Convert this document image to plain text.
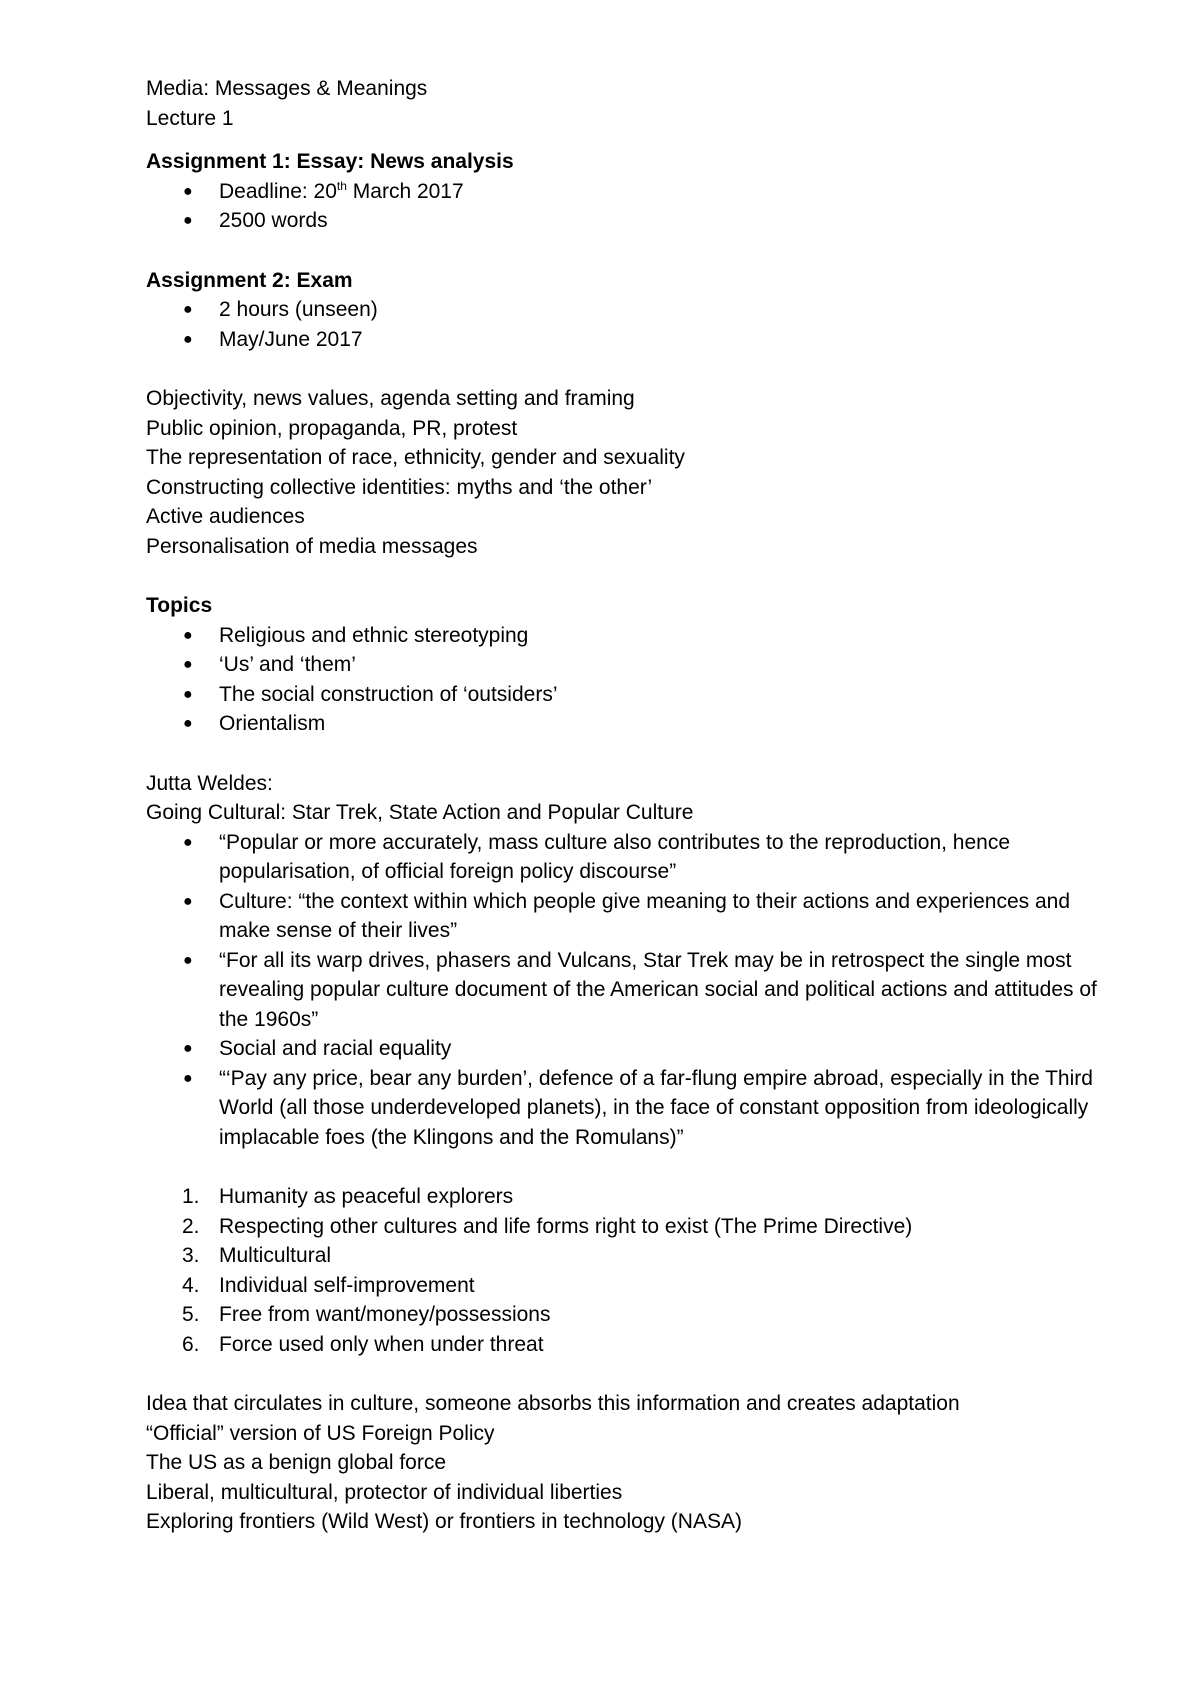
Media: Messages & Meanings

Lecture 1

Assignment 1: Essay: News analysis

● Deadline: 20th March 2017
● 2500 words

Assignment 2: Exam

● 2 hours (unseen)
● May/June 2017

Objectivity, news values, agenda setting and framing

Public opinion, propaganda, PR, protest

The representation of race, ethnicity, gender and sexuality

Constructing collective identities: myths and ‘the other’

Active audiences

Personalisation of media messages

Topics

● Religious and ethnic stereotyping
● ‘Us’ and ‘them’
● The social construction of ‘outsiders’
● Orientalism

Jutta Weldes:

Going Cultural: Star Trek, State Action and Popular Culture

● “Popular or more accurately, mass culture also contributes to the reproduction, hence popularisation, of official foreign policy discourse”
● Culture: “the context within which people give meaning to their actions and experiences and make sense of their lives”
● “For all its warp drives, phasers and Vulcans, Star Trek may be in retrospect the single most revealing popular culture document of the American social and political actions and attitudes of the 1960s”
● Social and racial equality
● “‘Pay any price, bear any burden’, defence of a far-flung empire abroad, especially in the Third World (all those underdeveloped planets), in the face of constant opposition from ideologically implacable foes (the Klingons and the Romulans)”
1. Humanity as peaceful explorers
2. Respecting other cultures and life forms right to exist (The Prime Directive)
3. Multicultural
4. Individual self-improvement
5. Free from want/money/possessions
6. Force used only when under threat

Idea that circulates in culture, someone absorbs this information and creates adaptation

“Official” version of US Foreign Policy

The US as a benign global force

Liberal, multicultural, protector of individual liberties

Exploring frontiers (Wild West) or frontiers in technology (NASA)
